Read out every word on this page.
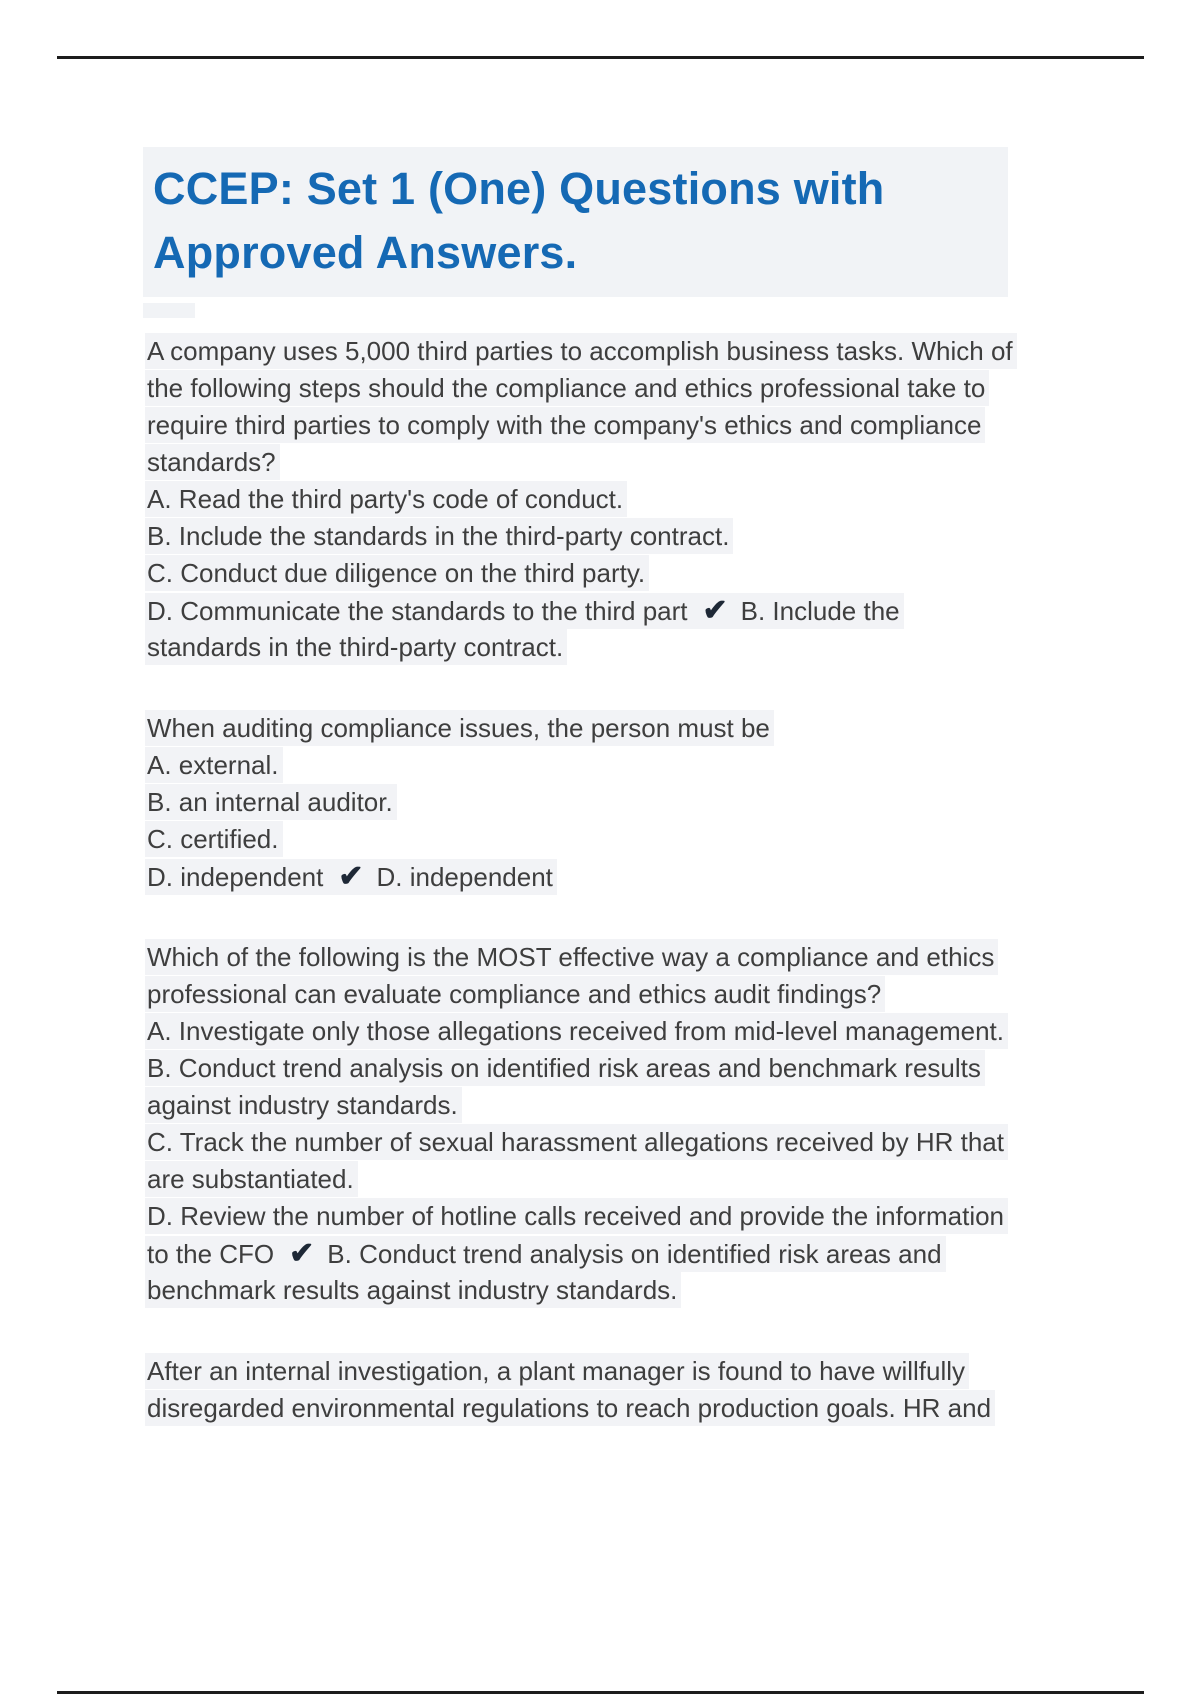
CCEP: Set 1 (One) Questions with
Approved Answers.
A company uses 5,000 third parties to accomplish business tasks. Which of
the following steps should the compliance and ethics professional take to
require third parties to comply with the company's ethics and compliance
standards?
A. Read the third party's code of conduct.
B. Include the standards in the third-party contract.
C. Conduct due diligence on the third party.
D. Communicate the standards to the third part ✔ B. Include the
standards in the third-party contract.
When auditing compliance issues, the person must be
A. external.
B. an internal auditor.
C. certified.
D. independent ✔ D. independent
Which of the following is the MOST effective way a compliance and ethics
professional can evaluate compliance and ethics audit findings?
A. Investigate only those allegations received from mid-level management.
B. Conduct trend analysis on identified risk areas and benchmark results
against industry standards.
C. Track the number of sexual harassment allegations received by HR that
are substantiated.
D. Review the number of hotline calls received and provide the information
to the CFO ✔ B. Conduct trend analysis on identified risk areas and
benchmark results against industry standards.
After an internal investigation, a plant manager is found to have willfully
disregarded environmental regulations to reach production goals. HR and
